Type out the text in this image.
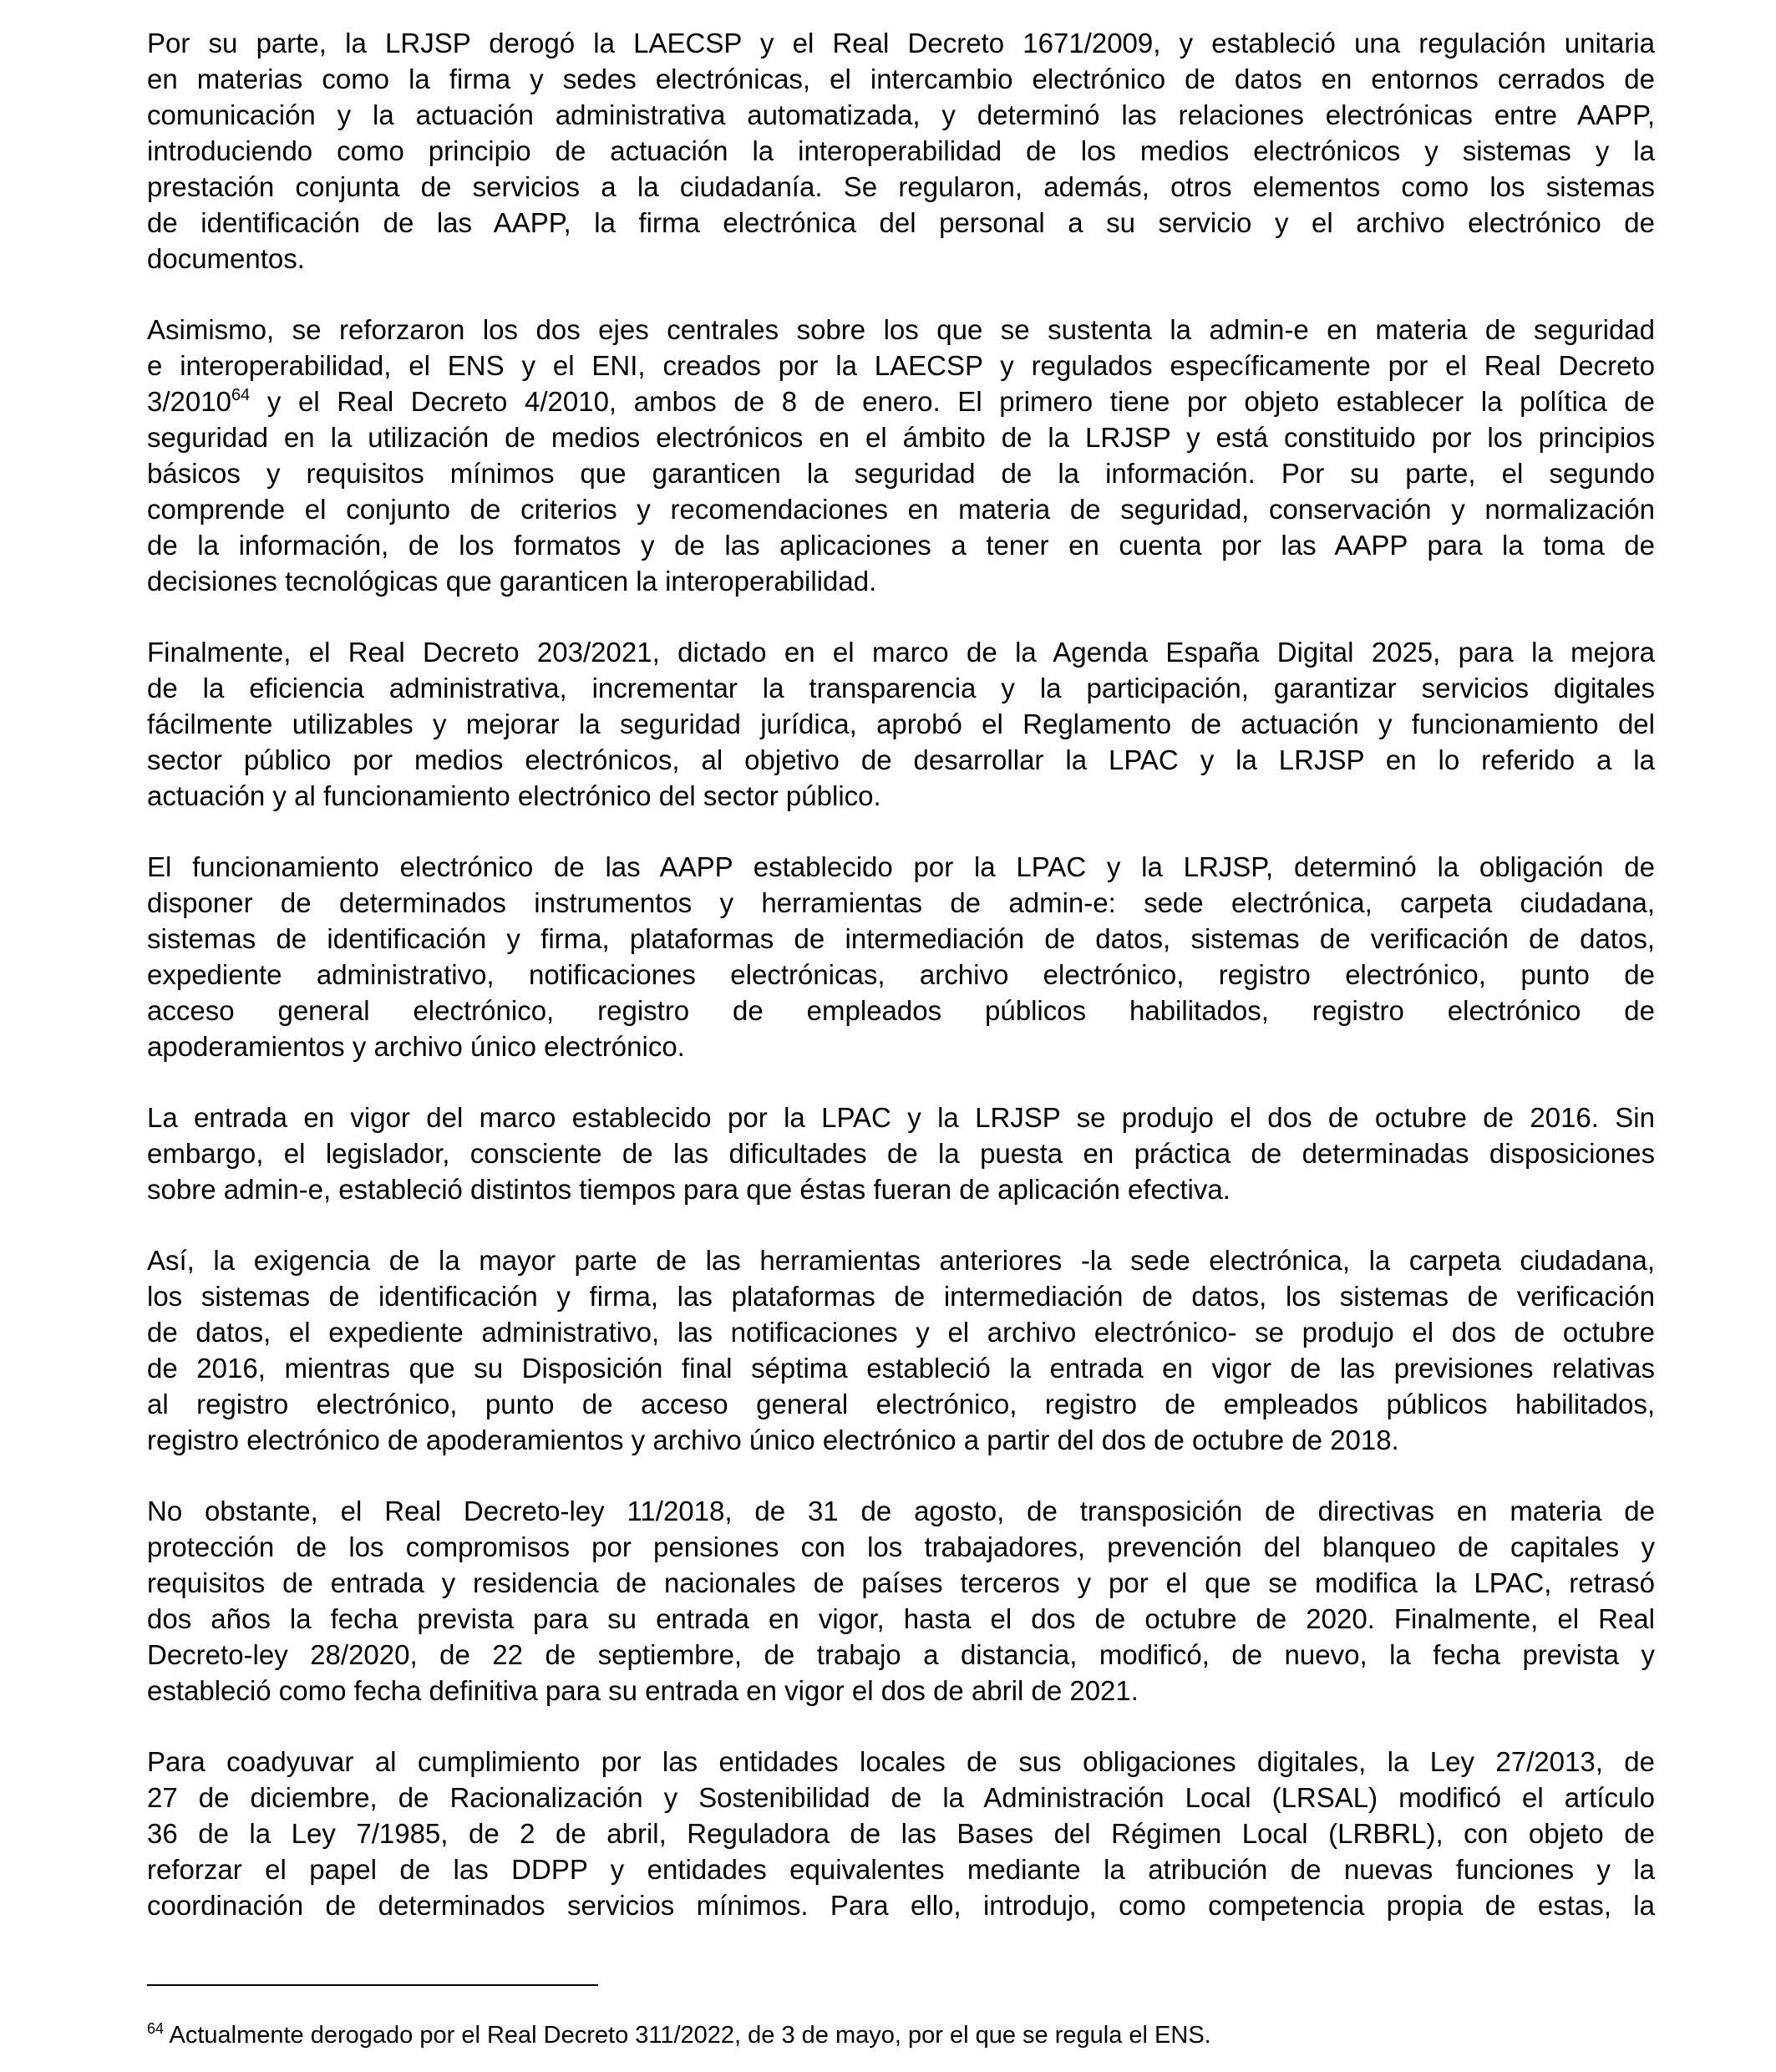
Por su parte, la LRJSP derogó la LAECSP y el Real Decreto 1671/2009, y estableció una regulación unitaria
en materias como la firma y sedes electrónicas, el intercambio electrónico de datos en entornos cerrados de
comunicación y la actuación administrativa automatizada, y determinó las relaciones electrónicas entre AAPP,
introduciendo como principio de actuación la interoperabilidad de los medios electrónicos y sistemas y la
prestación conjunta de servicios a la ciudadanía. Se regularon, además, otros elementos como los sistemas
de identificación de las AAPP, la firma electrónica del personal a su servicio y el archivo electrónico de
documentos.
Asimismo, se reforzaron los dos ejes centrales sobre los que se sustenta la admin-e en materia de seguridad
e interoperabilidad, el ENS y el ENI, creados por la LAECSP y regulados específicamente por el Real Decreto
3/2010$^{64}$ y el Real Decreto 4/2010, ambos de 8 de enero. El primero tiene por objeto establecer la política de
seguridad en la utilización de medios electrónicos en el ámbito de la LRJSP y está constituido por los principios
básicos y requisitos mínimos que garanticen la seguridad de la información. Por su parte, el segundo
comprende el conjunto de criterios y recomendaciones en materia de seguridad, conservación y normalización
de la información, de los formatos y de las aplicaciones a tener en cuenta por las AAPP para la toma de
decisiones tecnológicas que garanticen la interoperabilidad.
Finalmente, el Real Decreto 203/2021, dictado en el marco de la Agenda España Digital 2025, para la mejora
de la eficiencia administrativa, incrementar la transparencia y la participación, garantizar servicios digitales
fácilmente utilizables y mejorar la seguridad jurídica, aprobó el Reglamento de actuación y funcionamiento del
sector público por medios electrónicos, al objetivo de desarrollar la LPAC y la LRJSP en lo referido a la
actuación y al funcionamiento electrónico del sector público.
El funcionamiento electrónico de las AAPP establecido por la LPAC y la LRJSP, determinó la obligación de
disponer de determinados instrumentos y herramientas de admin-e: sede electrónica, carpeta ciudadana,
sistemas de identificación y firma, plataformas de intermediación de datos, sistemas de verificación de datos,
expediente administrativo, notificaciones electrónicas, archivo electrónico, registro electrónico, punto de
acceso general electrónico, registro de empleados públicos habilitados, registro electrónico de
apoderamientos y archivo único electrónico.
La entrada en vigor del marco establecido por la LPAC y la LRJSP se produjo el dos de octubre de 2016. Sin
embargo, el legislador, consciente de las dificultades de la puesta en práctica de determinadas disposiciones
sobre admin-e, estableció distintos tiempos para que éstas fueran de aplicación efectiva.
Así, la exigencia de la mayor parte de las herramientas anteriores -la sede electrónica, la carpeta ciudadana,
los sistemas de identificación y firma, las plataformas de intermediación de datos, los sistemas de verificación
de datos, el expediente administrativo, las notificaciones y el archivo electrónico- se produjo el dos de octubre
de 2016, mientras que su Disposición final séptima estableció la entrada en vigor de las previsiones relativas
al registro electrónico, punto de acceso general electrónico, registro de empleados públicos habilitados,
registro electrónico de apoderamientos y archivo único electrónico a partir del dos de octubre de 2018.
No obstante, el Real Decreto-ley 11/2018, de 31 de agosto, de transposición de directivas en materia de
protección de los compromisos por pensiones con los trabajadores, prevención del blanqueo de capitales y
requisitos de entrada y residencia de nacionales de países terceros y por el que se modifica la LPAC, retrasó
dos años la fecha prevista para su entrada en vigor, hasta el dos de octubre de 2020. Finalmente, el Real
Decreto-ley 28/2020, de 22 de septiembre, de trabajo a distancia, modificó, de nuevo, la fecha prevista y
estableció como fecha definitiva para su entrada en vigor el dos de abril de 2021.
Para coadyuvar al cumplimiento por las entidades locales de sus obligaciones digitales, la Ley 27/2013, de
27 de diciembre, de Racionalización y Sostenibilidad de la Administración Local (LRSAL) modificó el artículo
36 de la Ley 7/1985, de 2 de abril, Reguladora de las Bases del Régimen Local (LRBRL), con objeto de
reforzar el papel de las DDPP y entidades equivalentes mediante la atribución de nuevas funciones y la
coordinación de determinados servicios mínimos. Para ello, introdujo, como competencia propia de estas, la
$^{64}$ Actualmente derogado por el Real Decreto 311/2022, de 3 de mayo, por el que se regula el ENS.
